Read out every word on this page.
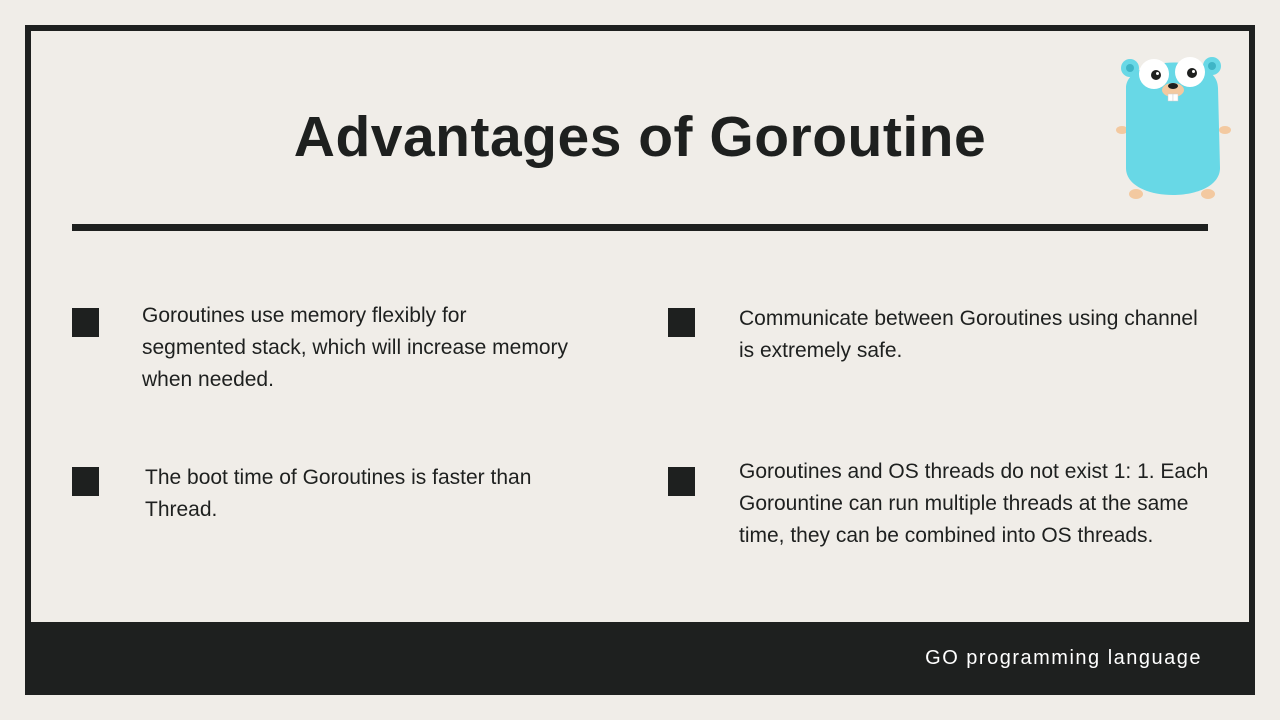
Advantages of Goroutine

Goroutines use memory flexibly for segmented stack, which will increase memory when needed.

Communicate between Goroutines using channel is extremely safe.

The boot time of Goroutines is faster than Thread.

Goroutines and OS threads do not exist 1: 1. Each Gorountine can run multiple threads at the same time, they can be combined into OS threads.

GO programming language
